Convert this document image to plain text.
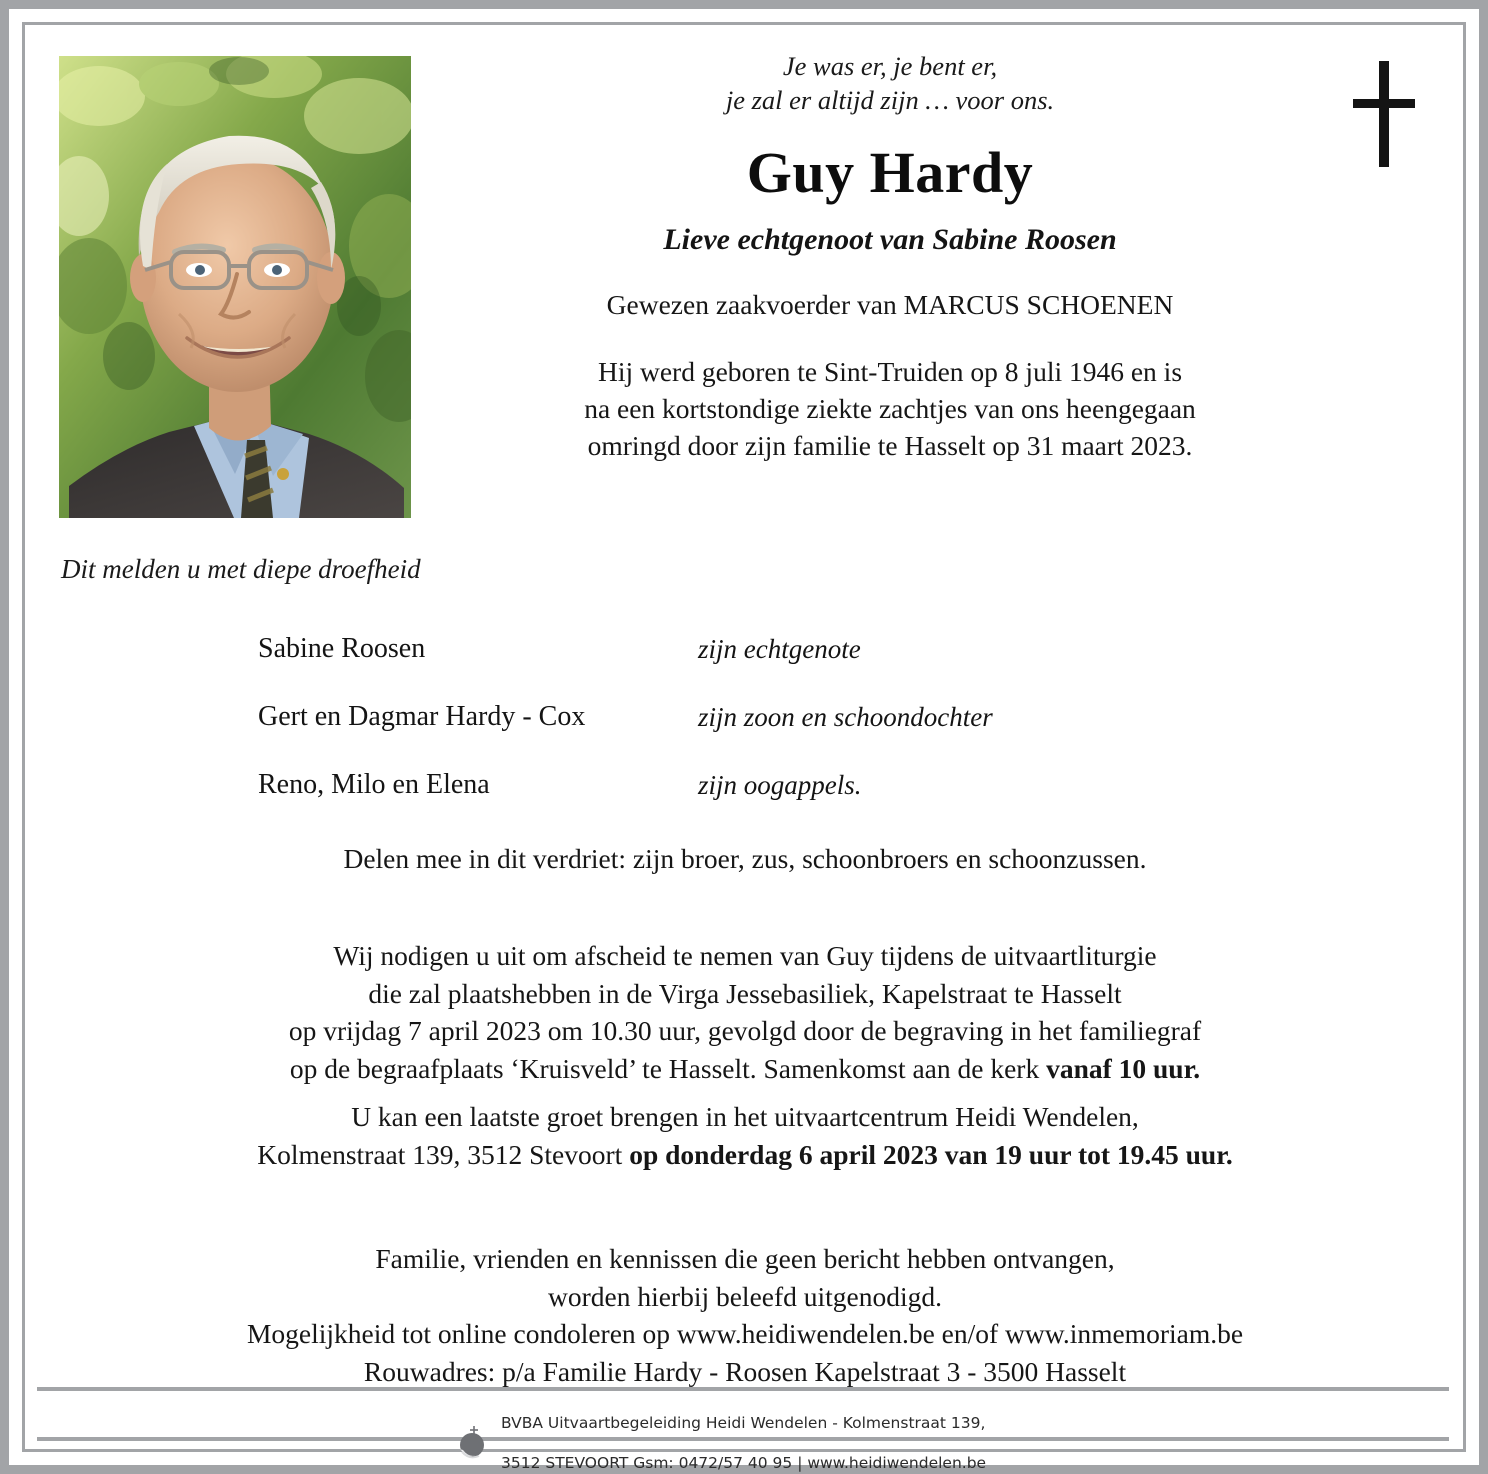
Je was er, je bent er,
je zal er altijd zijn … voor ons.
Guy Hardy
Lieve echtgenoot van Sabine Roosen
Gewezen zaakvoerder van MARCUS SCHOENEN
Hij werd geboren te Sint-Truiden op 8 juli 1946 en is
na een kortstondige ziekte zachtjes van ons heengegaan
omringd door zijn familie te Hasselt op 31 maart 2023.
Dit melden u met diepe droefheid
Sabine Roosen	zijn echtgenote
Gert en Dagmar Hardy - Cox	zijn zoon en schoondochter
Reno, Milo en Elena	zijn oogappels.
Delen mee in dit verdriet: zijn broer, zus, schoonbroers en schoonzussen.
Wij nodigen u uit om afscheid te nemen van Guy tijdens de uitvaartliturgie
die zal plaatshebben in de Virga Jessebasiliek, Kapelstraat te Hasselt
op vrijdag 7 april 2023 om 10.30 uur, gevolgd door de begraving in het familiegraf
op de begraafplaats ‘Kruisveld’ te Hasselt. Samenkomst aan de kerk vanaf 10 uur.
U kan een laatste groet brengen in het uitvaartcentrum Heidi Wendelen,
Kolmenstraat 139, 3512 Stevoort op donderdag 6 april 2023 van 19 uur tot 19.45 uur.
Familie, vrienden en kennissen die geen bericht hebben ontvangen,
worden hierbij beleefd uitgenodigd.
Mogelijkheid tot online condoleren op www.heidiwendelen.be en/of www.inmemoriam.be
Rouwadres: p/a Familie Hardy - Roosen Kapelstraat 3 - 3500 Hasselt

BVBA Uitvaartbegeleiding Heidi Wendelen - Kolmenstraat 139,

3512 STEVOORT Gsm: 0472/57 40 95 | www.heidiwendelen.be
